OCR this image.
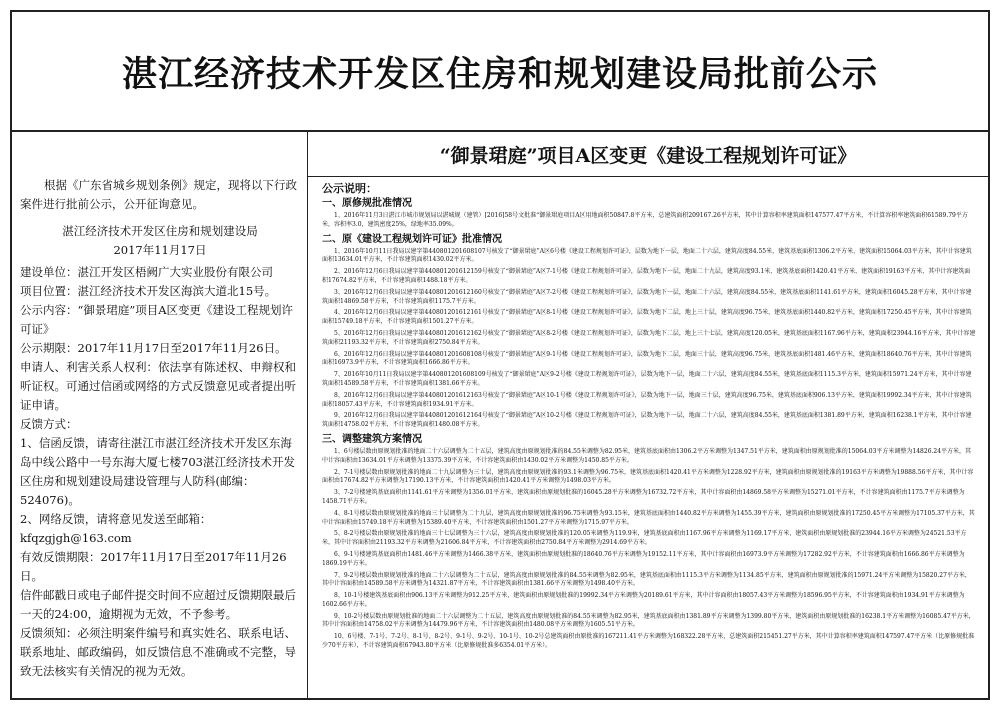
湛江经济技术开发区住房和规划建设局批前公示

根据《广东省城乡规划条例》规定，现将以下行政案件进行批前公示，公开征询意见。

湛江经济技术开发区住房和规划建设局

2017年11月17日

建设单位：湛江开发区梧阙广大实业股份有限公司

项目位置：湛江经济技术开发区海滨大道北15号。

公示内容：“御景珺庭”项目A区变更《建设工程规划许可证》

公示期限：2017年11月17日至2017年11月26日。

申请人、利害关系人权利：依法享有陈述权、申辩权和听证权。可通过信函或网络的方式反馈意见或者提出听证申请。

反馈方式：

1、信函反馈，请寄往湛江市湛江经济技术开发区东海岛中线公路中一号东海大厦七楼703湛江经济技术开发区住房和规划建设局建设管理与人防科(邮编：524076)。

2、网络反馈，请将意见发送至邮箱：kfqzgjgh@163.com

有效反馈期限：2017年11月17日至2017年11月26日。

信件邮戳日或电子邮件提交时间不应超过反馈期限最后一天的24:00，逾期视为无效，不予参考。

反馈须知：必须注明案件编号和真实姓名、联系电话、联系地址、邮政编码，如反馈信息不准确或不完整，导致无法核实有关情况的视为无效。

“御景珺庭”项目A区变更《建设工程规划许可证》
公示说明：
一、原修规批准情况
1、2016年11月3日湛江市城市规划局以湛城规（建管）[2016]58号文批准“御景珺庭项目A区用地面积50847.8平方米，总建筑面积209167.26平方米，其中计算容积率建筑面积147577.47平方米，不计算容积率建筑面积61589.79平方米，容积率3.0，建筑密度25%，绿地率35.09%。
二、原《建设工程规划许可证》批准情况
1、2016年10月11日我局以建字第440801201608107号核发了“御景珺庭”A区6号楼《建设工程规划许可证》，层数为地下一层，地面二十六层，建筑高度84.55米，建筑基底面积1306.2平方米，建筑面积15064.03平方米，其中计容建筑面积13634.01平方米，不计容建筑面积1430.02平方米。
2、2016年12月6日我局以建字第440801201612159号核发了“御景珺庭”A区7-1号楼《建设工程规划许可证》，层数为地下一层，地面二十九层，建筑高度93.1米，建筑基底面积1420.41平方米，建筑面积19163平方米，其中计容建筑面积17674.82平方米，不计容建筑面积1488.18平方米。
3、2016年12月6日我局以建字第440801201612160号核发了“御景珺庭”A区7-2号楼《建设工程规划许可证》，层数为地下一层，地面二十六层，建筑高度84.55米，建筑基底面积1141.61平方米，建筑面积16045.28平方米，其中计容建筑面积14869.58平方米，不计容建筑面积1175.7平方米。
4、2016年12月6日我局以建字第440801201612161号核发了“御景珺庭”A区8-1号楼《建设工程规划许可证》，层数为地下二层，地上三十层，建筑高度96.75米，建筑基底面积1440.82平方米，建筑面积17250.45平方米，其中计容建筑面积15749.18平方米，不计容建筑面积1501.27平方米。
5、2016年12月6日我局以建字第440801201612162号核发了“御景珺庭”A区8-2号楼《建设工程规划许可证》，层数为地下二层，地上三十七层，建筑高度120.05米，建筑基底面积1167.96平方米，建筑面积23944.16平方米，其中计容建筑面积21193.32平方米，不计容建筑面积2750.84平方米。
6、2016年12月6日我局以建字第440801201608108号核发了“御景珺庭”A区9-1号楼《建设工程规划许可证》，层数为地下二层，地面三十层，建筑高度96.75米，建筑基底面积1481.46平方米，建筑面积18640.76平方米，其中计容建筑面积16973.9平方米，不计容建筑面积1666.86平方米。
7、2016年10月11日我局以建字第440801201608109号核发了“御景珺庭”A区9-2号楼《建设工程规划许可证》，层数为地下一层，地面二十六层，建筑高度84.55米，建筑基底面积1115.3平方米，建筑面积15971.24平方米，其中计容建筑面积14589.58平方米，不计容建筑面积1381.66平方米。
8、2016年12月6日我局以建字第440801201612163号核发了“御景珺庭”A区10-1号楼《建设工程规划许可证》，层数为地下一层，地面三十层，建筑高度96.75米，建筑基底面积906.13平方米，建筑面积19992.34平方米，其中计容建筑面积18057.43平方米，不计容建筑面积1934.91平方米。
9、2016年12月6日我局以建字第440801201612164号核发了“御景珺庭”A区10-2号楼《建设工程规划许可证》，层数为地下一层，地面二十六层，建筑高度84.55米，建筑基底面积1381.89平方米，建筑面积16238.1平方米，其中计容建筑面积14758.02平方米，不计容建筑面积1480.08平方米。
三、调整建筑方案情况
1、6号楼层数由原规划批准的地面二十六层调整为二十五层，建筑高度由原规划批准的84.55米调整为82.95米，建筑基底面积由1306.2平方米调整为1347.51平方米，建筑面积由原规划批准的15064.03平方米调整为14826.24平方米，其中计容面积由13634.01平方米调整为13375.39平方米，不计容建筑面积由1430.02平方米调整为1450.85平方米。
2、7-1号楼层数由原规划批准的地面二十九层调整为三十层，建筑高度由原规划批准的93.1米调整为96.75米，建筑基底面积1420.41平方米调整为1228.92平方米，建筑面积由原规划批准的19163平方米调整为19888.56平方米，其中计容面积由17674.82平方米调整为17190.13平方米，不计容建筑面积由1420.41平方米调整为1498.03平方米。
3、7-2号楼建筑基底面积由1141.61平方米调整为1356.01平方米，建筑面积由原规划批准的16045.28平方米调整为16732.72平方米，其中计容面积由14869.58平方米调整为15271.01平方米，不计容建筑面积由1175.7平方米调整为1458.71平方米。
4、8-1号楼层数由原规划批准的地面三十层调整为二十九层，建筑高度由原规划批准的96.75米调整为93.15米，建筑基底面积由1440.82平方米调整为1455.39平方米，建筑面积由原规划批准的17250.45平方米调整为17105.37平方米，其中计容面积由15749.18平方米调整为15389.40平方米，不计容建筑面积由1501.27平方米调整为1715.97平方米。
5、8-2号楼层数由原规划批准的地面三十七层调整为三十六层，建筑高度由原规划批准的120.05米调整为119.9米，建筑基底面积由1167.96平方米调整为1169.17平方米，建筑面积由原规划批准的23944.16平方米调整为24521.53平方米，其中计容面积由21193.32平方米调整为21606.84平方米，不计容建筑面积由2750.84平方米调整为2914.69平方米。
6、9-1号楼建筑基底面积由1481.46平方米调整为1466.38平方米，建筑面积由原规划批准的18640.76平方米调整为19152.11平方米，其中计容面积由16973.9平方米调整为17282.92平方米，不计容建筑面积由1666.86平方米调整为1869.19平方米。
7、9-2号楼层数由原规划批准的地面二十六层调整为二十五层，建筑高度由原规划批准的84.55米调整为82.95米，建筑基底面积由1115.3平方米调整为1134.85平方米，建筑面积由原规划批准的15971.24平方米调整为15820.27平方米，其中计容面积由14589.58平方米调整为14321.87平方米，不计容建筑面积由1381.66平方米调整为1498.40平方米。
8、10-1号楼建筑基底面积由906.13平方米调整为912.25平方米，建筑面积由原规划批准的19992.34平方米调整为20189.61平方米，其中计容面积由18057.43平方米调整为18596.95平方米，不计容建筑面积由1934.91平方米调整为1602.66平方米。
9、10-2号楼层数由原规划批准的地面二十六层调整为二十五层，建筑高度由原规划批准的84.55米调整为82.95米，建筑基底面积由1381.89平方米调整为1399.80平方米，建筑面积由原规划批准的16238.1平方米调整为16085.47平方米，其中计容面积由14758.02平方米调整为14479.96平方米，不计容建筑面积由1480.08平方米调整为1605.51平方米。
10、6号楼、7-1号、7-2号、8-1号、8-2号、9-1号、9-2号、10-1号、10-2号总建筑面积由原批准的167211.41平方米调整为168322.28平方米，总建筑面积215451.27平方米，其中计算容积率建筑面积147597.47平方米（比原修规批准少70平方米），不计容建筑面积67943.80平方米（比原修规批准多6354.01平方米）。
